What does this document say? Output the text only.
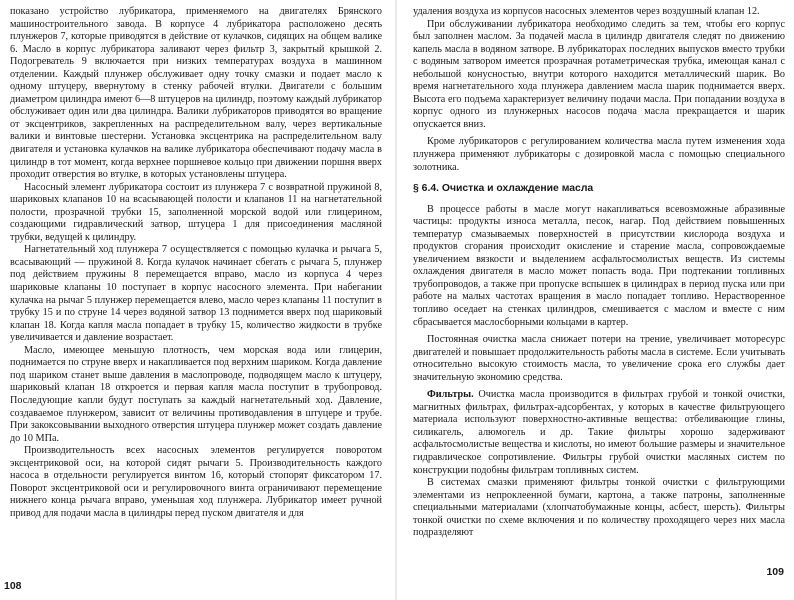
показано устройство лубрикатора, применяемого на двигателях Брянского машиностроительного завода. В корпусе 4 лубрикатора расположено десять плунжеров 7, которые приводятся в действие от кулачков, сидящих на общем валике 6. Масло в корпус лубрикатора заливают через фильтр 3, закрытый крышкой 2. Подогреватель 9 включается при низких температурах воздуха в машинном отделении. Каждый плунжер обслуживает одну точку смазки и подает масло к одному штуцеру, ввернутому в стенку рабочей втулки. Двигатели с большим диаметром цилиндра имеют 6—8 штуцеров на цилиндр, поэтому каждый лубрикатор обслуживает один или два цилиндра. Валики лубрикаторов приводятся во вращение от эксцентриков, закрепленных на распределительном валу, через вертикальные валики и винтовые шестерни. Установка эксцентрика на распределительном валу двигателя и установка кулачков на валике лубрикатора обеспечивают подачу масла в цилиндр в тот момент, когда верхнее поршневое кольцо при движении поршня вверх проходит отверстия во втулке, в которых установлены штуцера.

Насосный элемент лубрикатора состоит из плунжера 7 с возвратной пружиной 8, шариковых клапанов 10 на всасывающей полости и клапанов 11 на нагнетательной полости, прозрачной трубки 15, заполненной морской водой или глицерином, создающими гидравлический затвор, штуцера 1 для присоединения масляной трубки, ведущей к цилиндру.

Нагнетательный ход плунжера 7 осуществляется с помощью кулачка и рычага 5, всасывающий — пружиной 8. Когда кулачок начинает сбегать с рычага 5, плунжер под действием пружины 8 перемещается вправо, масло из корпуса 4 через шариковые клапаны 10 поступает в корпус насосного элемента. При набегании кулачка на рычаг 5 плунжер перемещается влево, масло через клапаны 11 поступит в трубку 15 и по струне 14 через водяной затвор 13 поднимется вверх под шариковый клапан 18. Когда капля масла попадает в трубку 15, количество жидкости в трубке увеличивается и давление возрастает.

Масло, имеющее меньшую плотность, чем морская вода или глицерин, поднимается по струне вверх и накапливается под верхним шариком. Когда давление под шариком станет выше давления в маслопроводе, подводящем масло к штуцеру, шариковый клапан 18 откроется и первая капля масла поступит в трубопровод. Последующие капли будут поступать за каждый нагнетательный ход. Давление, создаваемое плунжером, зависит от величины противодавления в штуцере и трубе. При закоксовывании выходного отверстия штуцера плунжер может создать давление до 10 МПа.

Производительность всех насосных элементов регулируется поворотом эксцентриковой оси, на которой сидят рычаги 5. Производительность каждого насоса в отдельности регулируется винтом 16, который стопорят фиксатором 17. Поворот эксцентриковой оси и регулировочного винта ограничивают перемещение нижнего конца рычага вправо, уменьшая ход плунжера. Лубрикатор имеет ручной привод для подачи масла в цилиндры перед пуском двигателя и для

108

удаления воздуха из корпусов насосных элементов через воздушный клапан 12.

При обслуживании лубрикатора необходимо следить за тем, чтобы его корпус был заполнен маслом. За подачей масла в цилиндр двигателя следят по движению капель масла в водяном затворе. В лубрикаторах последних выпусков вместо трубки с водяным затвором имеется прозрачная ротаметрическая трубка, имеющая канал с небольшой конусностью, внутри которого находится металлический шарик. Во время нагнетательного хода плунжера давлением масла шарик поднимается вверх. Высота его подъема характеризует величину подачи масла. При попадании воздуха в корпус одного из плунжерных насосов подача масла прекращается и шарик опускается вниз.

Кроме лубрикаторов с регулированием количества масла путем изменения хода плунжера применяют лубрикаторы с дозировкой масла с помощью специального золотника.

§ 6.4. Очистка и охлаждение масла

В процессе работы в масле могут накапливаться всевозможные абразивные частицы: продукты износа металла, песок, нагар. Под действием повышенных температур смазываемых поверхностей в присутствии кислорода воздуха и продуктов сгорания происходит окисление и старение масла, сопровождаемые увеличением вязкости и выделением асфальтосмолистых веществ. Из системы охлаждения двигателя в масло может попасть вода. При подтекании топливных трубопроводов, а также при пропуске вспышек в цилиндрах в период пуска или при работе на малых частотах вращения в масло попадает топливо. Нерастворенное топливо оседает на стенках цилиндров, смешивается с маслом и вместе с ним сбрасывается маслосборными кольцами в картер.

Постоянная очистка масла снижает потери на трение, увеличивает моторесурс двигателей и повышает продолжительность работы масла в системе. Если учитывать относительно высокую стоимость масла, то увеличение срока его службы дает значительную экономию средства.

Фильтры. Очистка масла производится в фильтрах грубой и тонкой очистки, магнитных фильтрах, фильтрах-адсорбентах, у которых в качестве фильтрующего материала используют поверхностно-активные вещества: отбеливающие глины, силикагель, алюмогель и др. Такие фильтры хорошо задерживают асфальтосмолистые вещества и кислоты, но имеют большие размеры и значительное гидравлическое сопротивление. Фильтры грубой очистки масляных систем по конструкции подобны фильтрам топливных систем.

В системах смазки применяют фильтры тонкой очистки с фильтрующими элементами из непроклеенной бумаги, картона, а также патроны, заполненные специальными материалами (хлопчатобумажные концы, асбест, шерсть). Фильтры тонкой очистки по схеме включения и по количеству проходящего через них масла подразделяют

109
